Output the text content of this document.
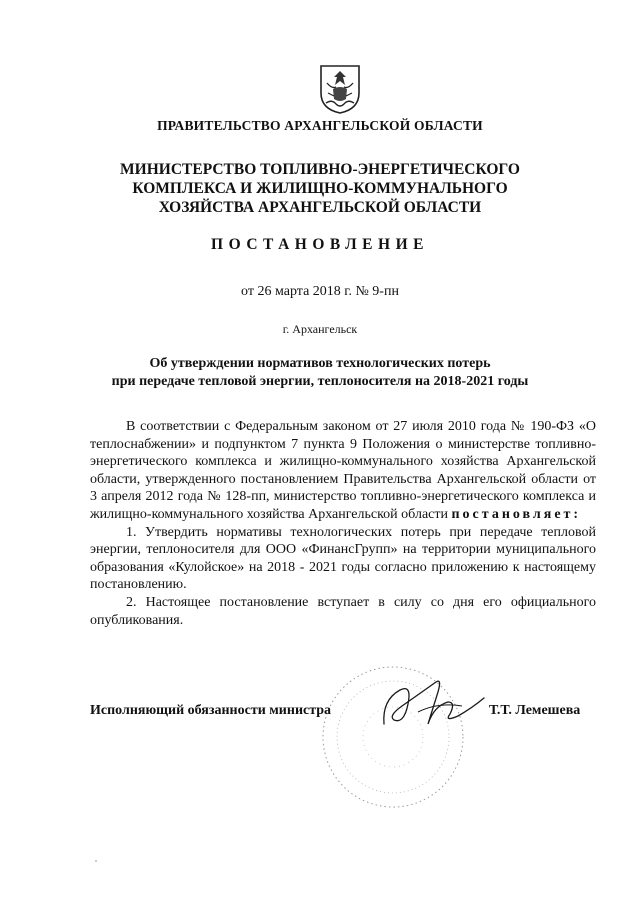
ПРАВИТЕЛЬСТВО АРХАНГЕЛЬСКОЙ ОБЛАСТИ
МИНИСТЕРСТВО ТОПЛИВНО-ЭНЕРГЕТИЧЕСКОГО
КОМПЛЕКСА И ЖИЛИЩНО-КОММУНАЛЬНОГО
ХОЗЯЙСТВА АРХАНГЕЛЬСКОЙ ОБЛАСТИ
ПОСТАНОВЛЕНИЕ
от 26 марта 2018 г. № 9-пн
г. Архангельск
Об утверждении нормативов технологических потерь
при передаче тепловой энергии, теплоносителя на 2018-2021 годы

В соответствии с Федеральным законом от 27 июля 2010 года № 190-ФЗ «О теплоснабжении» и подпунктом 7 пункта 9 Положения о министерстве топливно-энергетического комплекса и жилищно-коммунального хозяйства Архангельской области, утвержденного постановлением Правительства Архангельской области от 3 апреля 2012 года № 128-пп, министерство топливно-энергетического комплекса и жилищно-коммунального хозяйства Архангельской области постановляет:

1. Утвердить нормативы технологических потерь при передаче тепловой энергии, теплоносителя для ООО «ФинансГрупп» на территории муниципального образования «Кулойское» на 2018 - 2021 годы согласно приложению к настоящему постановлению.

2. Настоящее постановление вступает в силу со дня его официального опубликования.

Исполняющий обязанности министра	Т.Т. Лемешева
